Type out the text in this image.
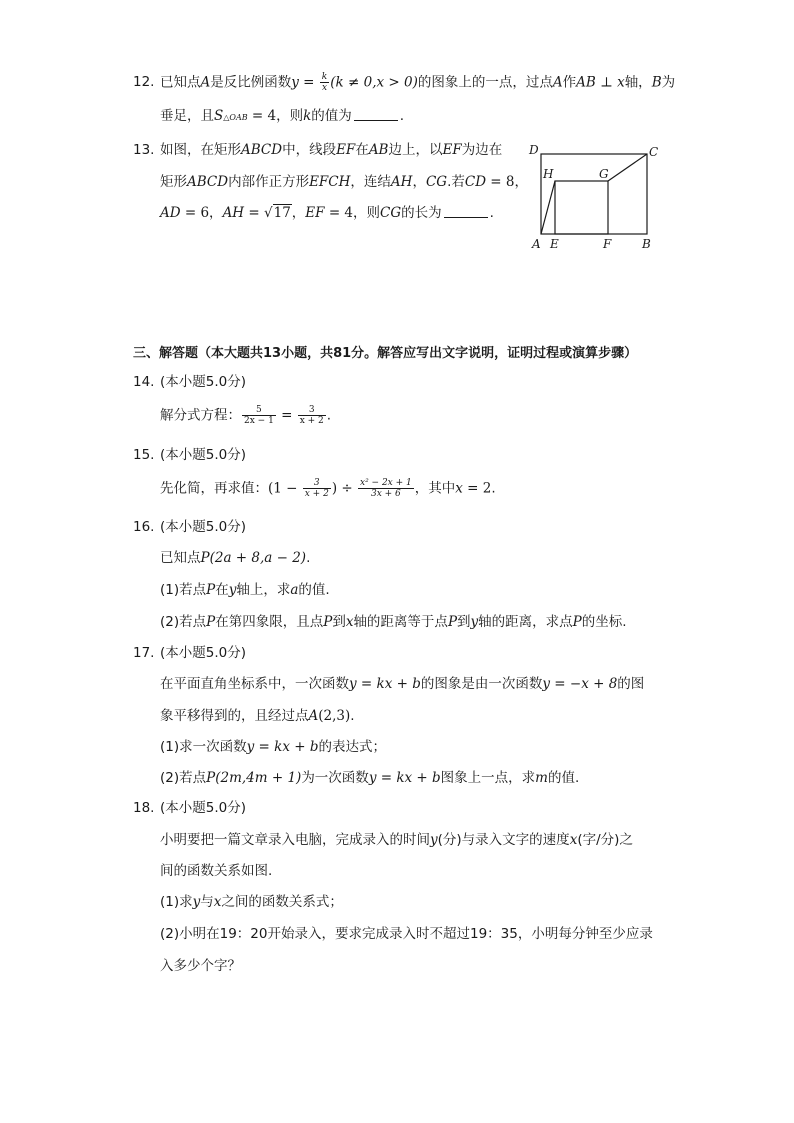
12. 已知点A是反比例函数$y = \frac{k}{x} (k \ne 0,x > 0)$的图象上的一点，过点A作AB ⊥ x轴，B为
垂足，且S△OAB = 4，则k的值为	.
13. 如图，在矩形ABCD中，线段EF在AB边上，以EF为边在
矩形ABCD内部作正方形EFCH，连结AH，CG.若CD = 8，
AD = 6，AH = √17，EF = 4，则CG的长为	.
D	C
H	G
A E	F	B
三、解答题（本大题共13小题，共81分。解答应写出文字说明，证明过程或演算步骤）
14. (本小题5.0分)
解分式方程： $\frac{5}{2x - 1} = \frac{3}{x + 2}$ .
15. (本小题5.0分)
先化简，再求值：($1 - \frac{3}{x + 2}$ ) ÷ $\frac{\text{x² − 2x + 1}}{3x + 6}$ ，其中x = 2.
16. (本小题5.0分)
已知点P(2a + 8,a − 2).
(1)若点P在y轴上，求a的值.
(2)若点P在第四象限，且点P到x轴的距离等于点P到y轴的距离，求点P的坐标.
17. (本小题5.0分)
在平面直角坐标系中，一次函数y = kx + b的图象是由一次函数y = −x + 8的图
象平移得到的，且经过点A(2,3).
(1)求一次函数y = kx + b的表达式；
(2)若点P(2m,4m + 1)为一次函数y = kx + b图象上一点，求m的值.
18. (本小题5.0分)
小明要把一篇文章录入电脑，完成录入的时间y(分)与录入文字的速度x(字/分)之
间的函数关系如图.
(1)求y与x之间的函数关系式；
(2)小明在19：20开始录入，要求完成录入时不超过19：35，小明每分钟至少应录
入多少个字？
